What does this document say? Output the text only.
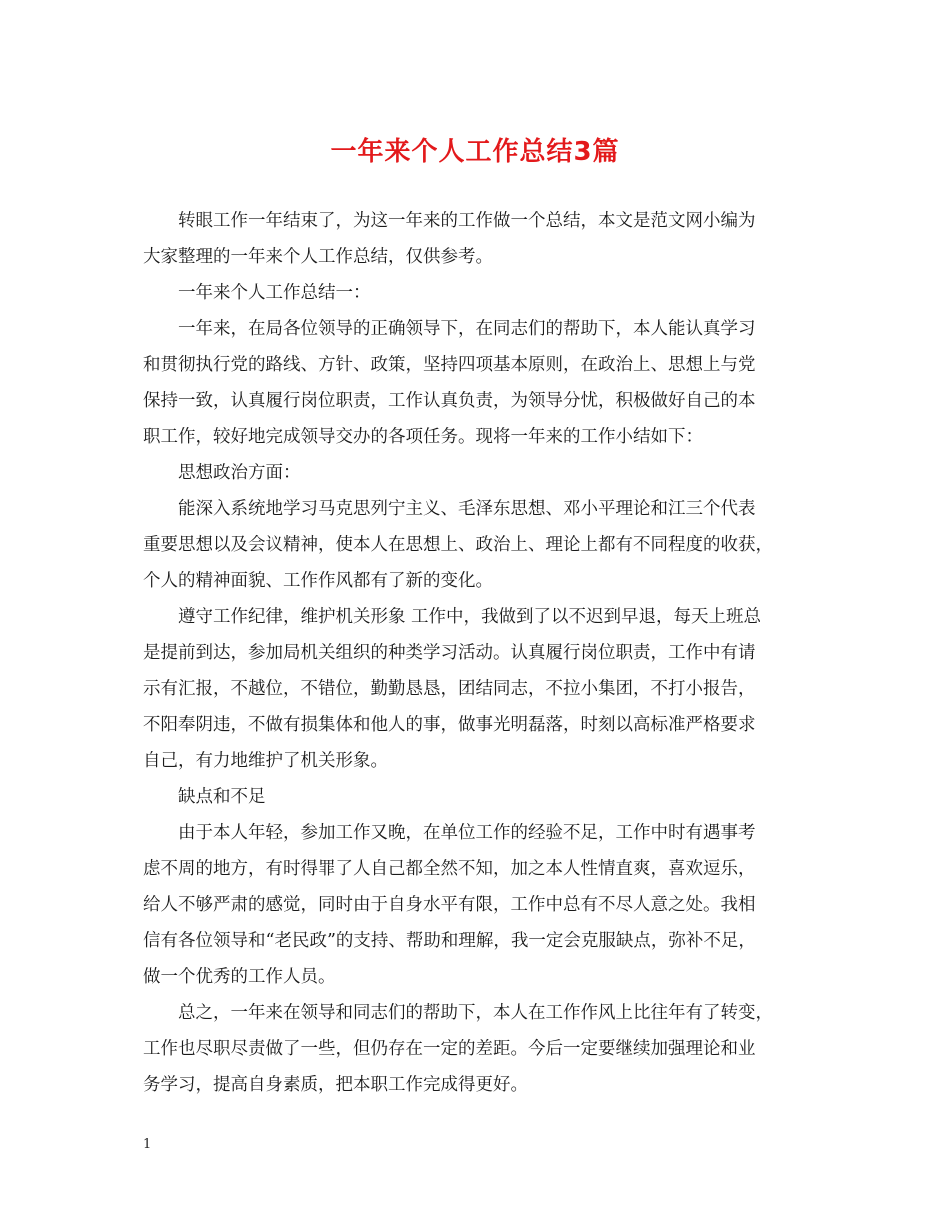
一年来个人工作总结3篇

转眼工作一年结束了，为这一年来的工作做一个总结，本文是范文网小编为

大家整理的一年来个人工作总结，仅供参考。

一年来个人工作总结一：

一年来，在局各位领导的正确领导下，在同志们的帮助下，本人能认真学习

和贯彻执行党的路线、方针、政策，坚持四项基本原则，在政治上、思想上与党

保持一致，认真履行岗位职责，工作认真负责，为领导分忧，积极做好自己的本

职工作，较好地完成领导交办的各项任务。现将一年来的工作小结如下：

思想政治方面：

能深入系统地学习马克思列宁主义、毛泽东思想、邓小平理论和江三个代表

重要思想以及会议精神，使本人在思想上、政治上、理论上都有不同程度的收获，

个人的精神面貌、工作作风都有了新的变化。

遵守工作纪律，维护机关形象 工作中，我做到了以不迟到早退，每天上班总

是提前到达，参加局机关组织的种类学习活动。认真履行岗位职责，工作中有请

示有汇报，不越位，不错位，勤勤恳恳，团结同志，不拉小集团，不打小报告，

不阳奉阴违，不做有损集体和他人的事，做事光明磊落，时刻以高标准严格要求

自己，有力地维护了机关形象。

缺点和不足

由于本人年轻，参加工作又晚，在单位工作的经验不足，工作中时有遇事考

虑不周的地方，有时得罪了人自己都全然不知，加之本人性情直爽，喜欢逗乐，

给人不够严肃的感觉，同时由于自身水平有限，工作中总有不尽人意之处。我相

信有各位领导和“老民政”的支持、帮助和理解，我一定会克服缺点，弥补不足，

做一个优秀的工作人员。

总之，一年来在领导和同志们的帮助下，本人在工作作风上比往年有了转变，

工作也尽职尽责做了一些，但仍存在一定的差距。今后一定要继续加强理论和业

务学习，提高自身素质，把本职工作完成得更好。

1
